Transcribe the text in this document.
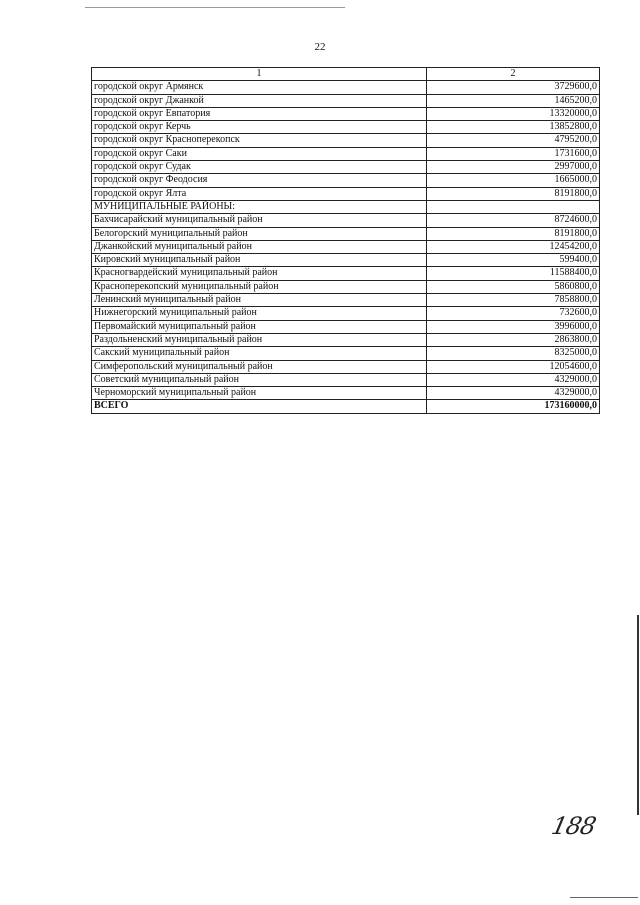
22
1	2
городской округ Армянск	3729600,0
городской округ Джанкой	1465200,0
городской округ Евпатория	13320000,0
городской округ Керчь	13852800,0
городской округ Красноперекопск	4795200,0
городской округ Саки	1731600,0
городской округ Судак	2997000,0
городской округ Феодосия	1665000,0
городской округ Ялта	8191800,0
МУНИЦИПАЛЬНЫЕ РАЙОНЫ:	
Бахчисарайский муниципальный район	8724600,0
Белогорский муниципальный район	8191800,0
Джанкойский муниципальный район	12454200,0
Кировский муниципальный район	599400,0
Красногвардейский муниципальный район	11588400,0
Красноперекопский муниципальный район	5860800,0
Ленинский муниципальный район	7858800,0
Нижнегорский муниципальный район	732600,0
Первомайский муниципальный район	3996000,0
Раздольненский муниципальный район	2863800,0
Сакский муниципальный район	8325000,0
Симферопольский муниципальный район	12054600,0
Советский муниципальный район	4329000,0
Черноморский муниципальный район	4329000,0
ВСЕГО	173160000,0
188
